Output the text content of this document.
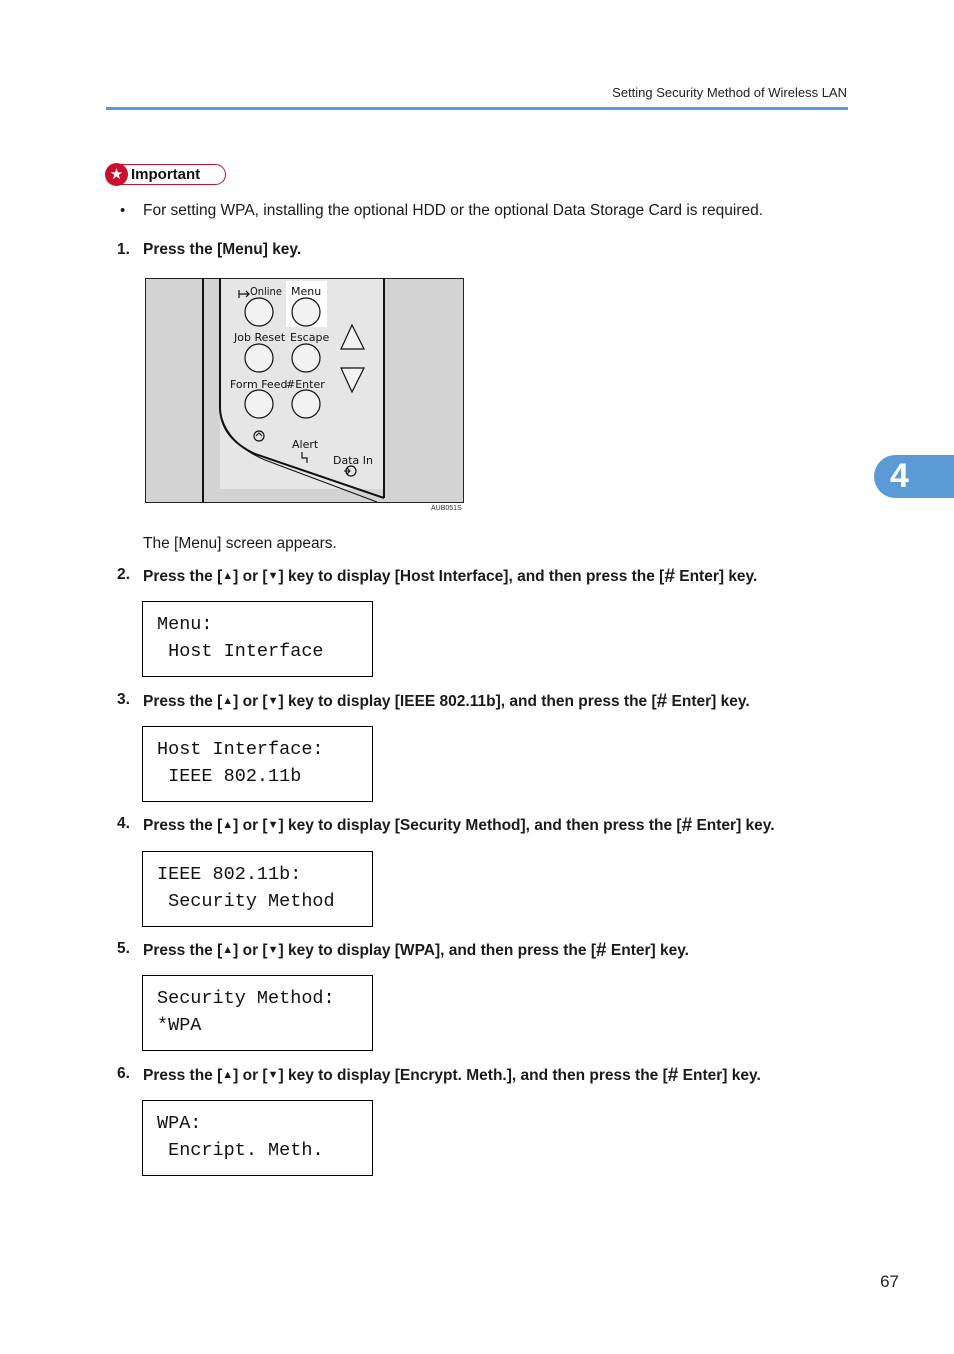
Setting Security Method of Wireless LAN
★ Important
• For setting WPA, installing the optional HDD or the optional Data Storage Card is required.
1. Press the [Menu] key.
Online Menu
Job Reset Escape
Form Feed
#Enter
Alert
Data In
AUB051S
The [Menu] screen appears.
2. Press the [▲] or [▼] key to display [Host Interface], and then press the [# Enter] key.
Menu:
Host Interface
3. Press the [▲] or [▼] key to display [IEEE 802.11b], and then press the [# Enter] key.
Host Interface:
IEEE 802.11b
4. Press the [▲] or [▼] key to display [Security Method], and then press the [# Enter] key.
IEEE 802.11b:
Security Method
5. Press the [▲] or [▼] key to display [WPA], and then press the [# Enter] key.
Security Method:
*WPA
6. Press the [▲] or [▼] key to display [Encrypt. Meth.], and then press the [# Enter] key.
WPA:
Encript. Meth.
4
67
